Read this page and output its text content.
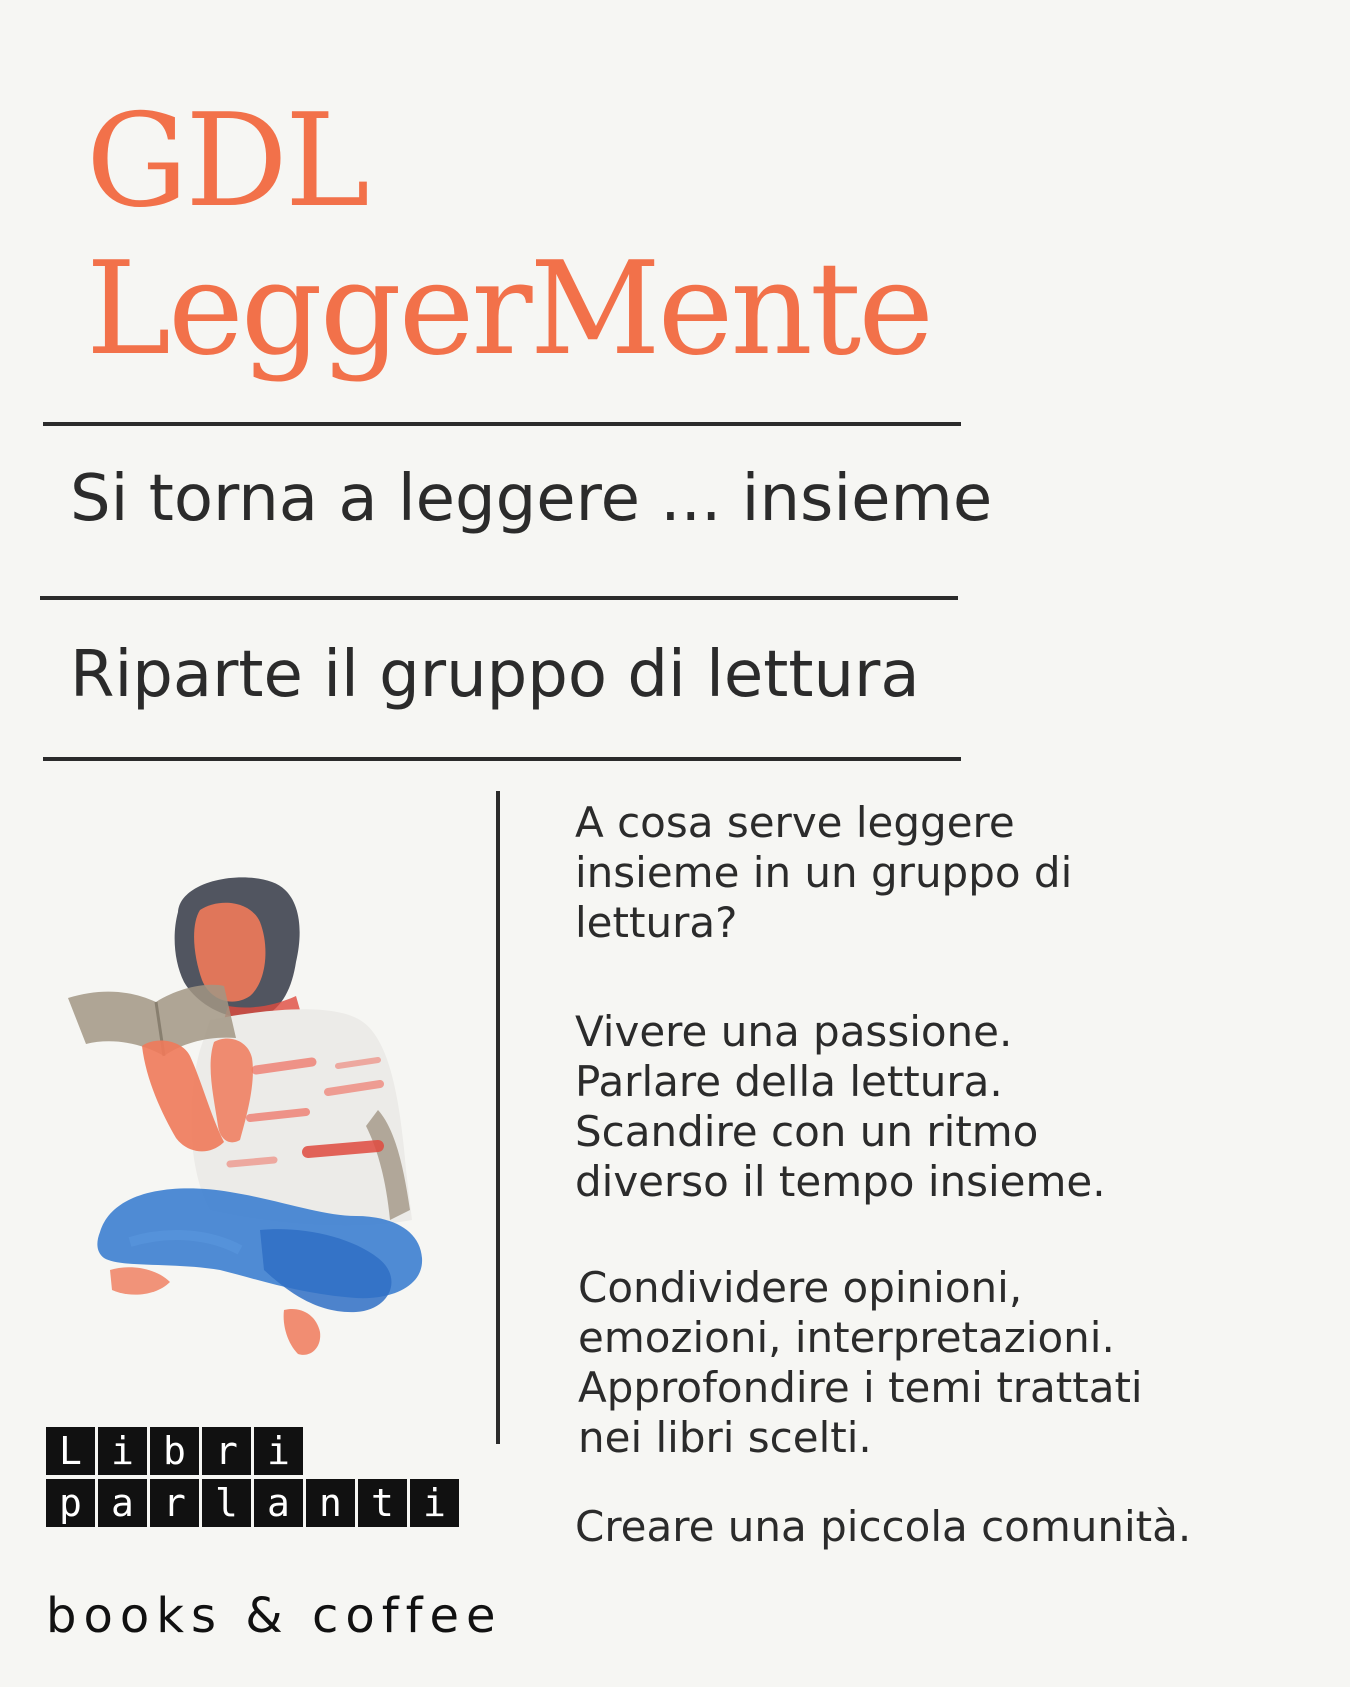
GDL
LeggerMente
Si torna a leggere ... insieme
Riparte il gruppo di lettura

A cosa serve leggere
insieme in un gruppo di
lettura?

Vivere una passione.
Parlare della lettura.
Scandire con un ritmo
diverso il tempo insieme.

Condividere opinioni,
emozioni, interpretazioni.
Approfondire i temi trattati
nei libri scelti.

Creare una piccola comunità.

L i b r i
p a r l a n t i

books & coffee
